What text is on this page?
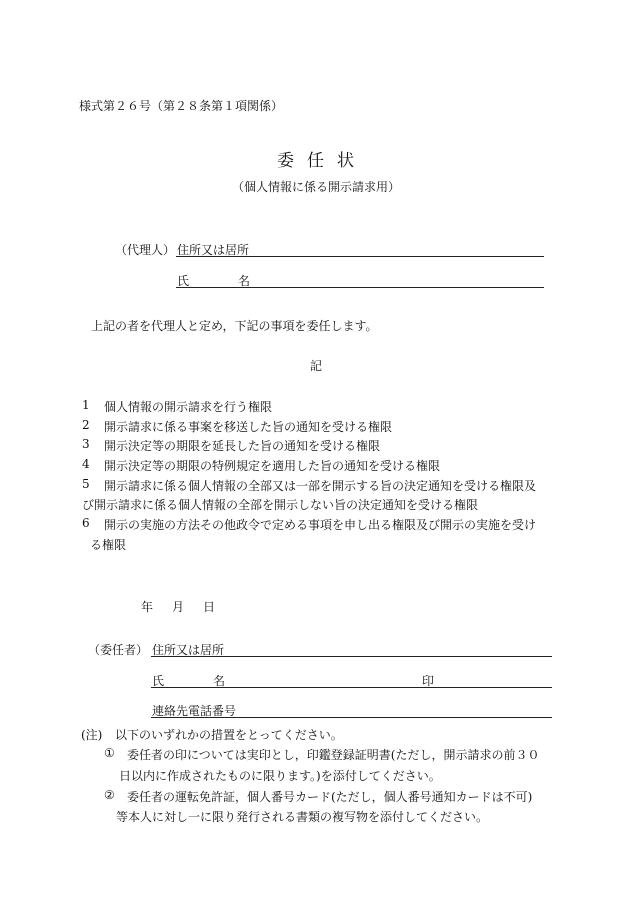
様式第２６号（第２８条第１項関係）
委 任 状
（個人情報に係る開示請求用）
（代理人） 住所又は居所
氏	名
上記の者を代理人と定め，下記の事項を委任します。
記
1 個人情報の開示請求を行う権限
2 開示請求に係る事案を移送した旨の通知を受ける権限
3 開示決定等の期限を延長した旨の通知を受ける権限
4 開示決定等の期限の特例規定を適用した旨の通知を受ける権限
5 開示請求に係る個人情報の全部又は一部を開示する旨の決定通知を受ける権限及
び開示請求に係る個人情報の全部を開示しない旨の決定通知を受ける権限
6 開示の実施の方法その他政令で定める事項を申し出る権限及び開示の実施を受け
る権限
年 月 日
（委任者） 住所又は居所
氏	名	印
連絡先電話番号
(注) 以下のいずれかの措置をとってください。
① 委任者の印については実印とし，印鑑登録証明書(ただし，開示請求の前３０
日以内に作成されたものに限ります。)を添付してください。
② 委任者の運転免許証，個人番号カード(ただし，個人番号通知カードは不可)
等本人に対し一に限り発行される書類の複写物を添付してください。
